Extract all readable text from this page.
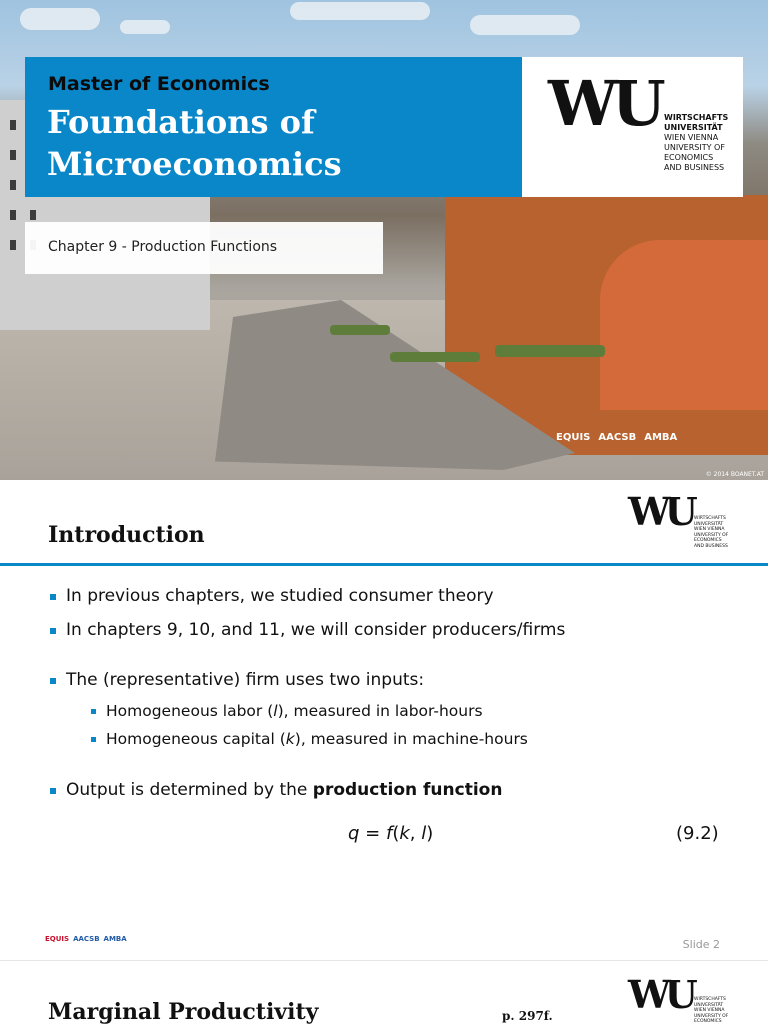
Master of Economics
Foundations of
Microeconomics
WU WIRTSCHAFTS
UNIVERSITÄT
WIEN VIENNA
UNIVERSITY OF
ECONOMICS
AND BUSINESS
Chapter 9 - Production Functions
EQUIS AACSB AMBA
© 2014 BOANET.AT
Introduction
WU WIRTSCHAFTS
UNIVERSITÄT
WIEN VIENNA
UNIVERSITY OF
ECONOMICS
AND BUSINESS
In previous chapters, we studied consumer theory
In chapters 9, 10, and 11, we will consider producers/firms
The (representative) firm uses two inputs:
Homogeneous labor (l), measured in labor-hours
Homogeneous capital (k), measured in machine-hours
Output is determined by the production function
q = f(k, l)	(9.2)
EQUIS AACSB AMBA	Slide 2
Marginal Productivity	p. 297f. WU WIRTSCHAFTS
UNIVERSITÄT
WIEN VIENNA
UNIVERSITY OF
ECONOMICS
